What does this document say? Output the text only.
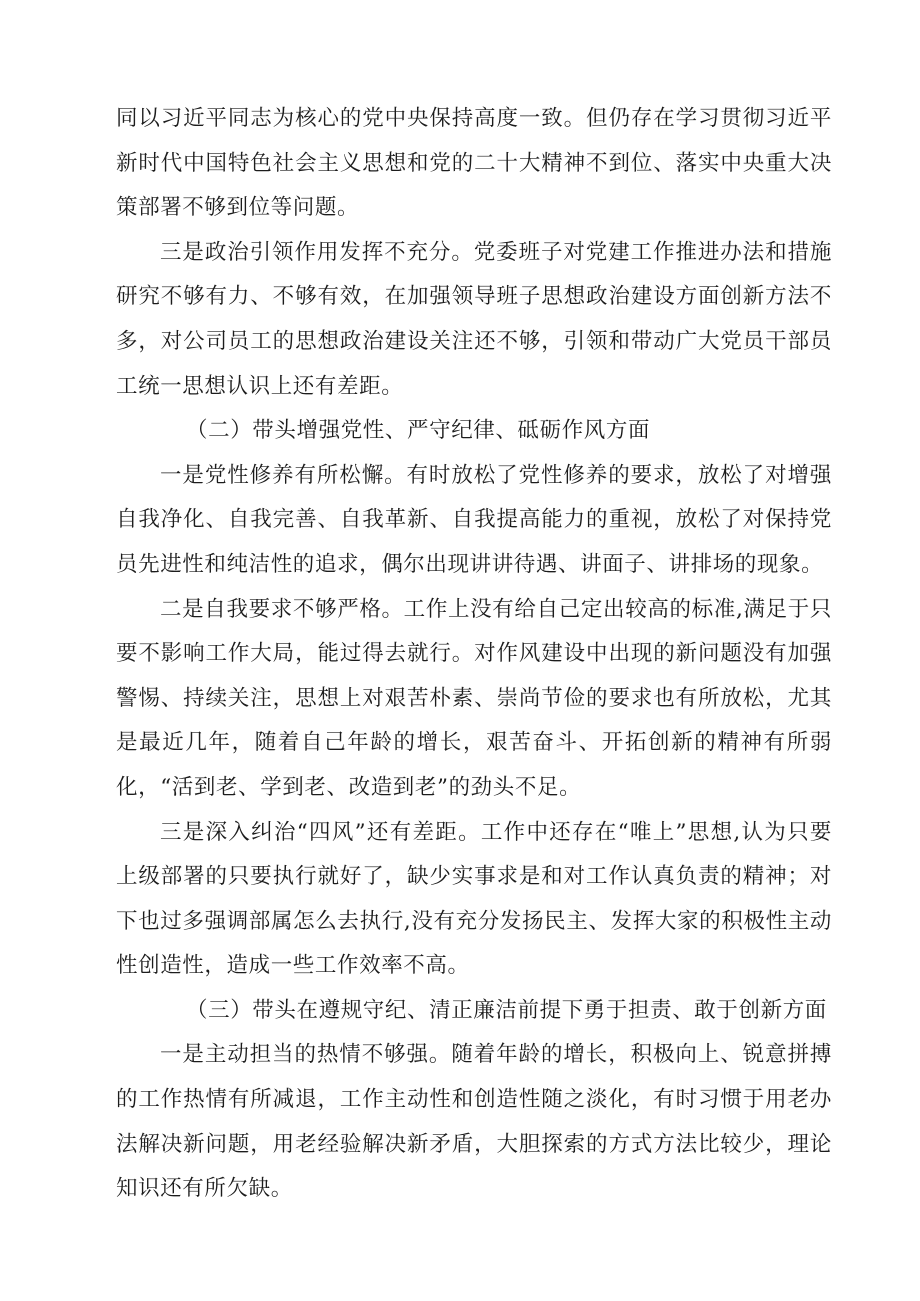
同以习近平同志为核心的党中央保持高度一致。但仍存在学习贯彻习近平新时代中国特色社会主义思想和党的二十大精神不到位、落实中央重大决策部署不够到位等问题。

三是政治引领作用发挥不充分。党委班子对党建工作推进办法和措施研究不够有力、不够有效，在加强领导班子思想政治建设方面创新方法不多，对公司员工的思想政治建设关注还不够，引领和带动广大党员干部员工统一思想认识上还有差距。

（二）带头增强党性、严守纪律、砥砺作风方面

一是党性修养有所松懈。有时放松了党性修养的要求，放松了对增强自我净化、自我完善、自我革新、自我提高能力的重视，放松了对保持党员先进性和纯洁性的追求，偶尔出现讲讲待遇、讲面子、讲排场的现象。

二是自我要求不够严格。工作上没有给自己定出较高的标准,满足于只要不影响工作大局，能过得去就行。对作风建设中出现的新问题没有加强警惕、持续关注，思想上对艰苦朴素、崇尚节俭的要求也有所放松，尤其是最近几年，随着自己年龄的增长，艰苦奋斗、开拓创新的精神有所弱化，“活到老、学到老、改造到老”的劲头不足。

三是深入纠治“四风”还有差距。工作中还存在“唯上”思想,认为只要上级部署的只要执行就好了，缺少实事求是和对工作认真负责的精神；对下也过多强调部属怎么去执行,没有充分发扬民主、发挥大家的积极性主动性创造性，造成一些工作效率不高。

（三）带头在遵规守纪、清正廉洁前提下勇于担责、敢于创新方面

一是主动担当的热情不够强。随着年龄的增长，积极向上、锐意拼搏的工作热情有所减退，工作主动性和创造性随之淡化，有时习惯于用老办法解决新问题，用老经验解决新矛盾，大胆探索的方式方法比较少，理论知识还有所欠缺。
